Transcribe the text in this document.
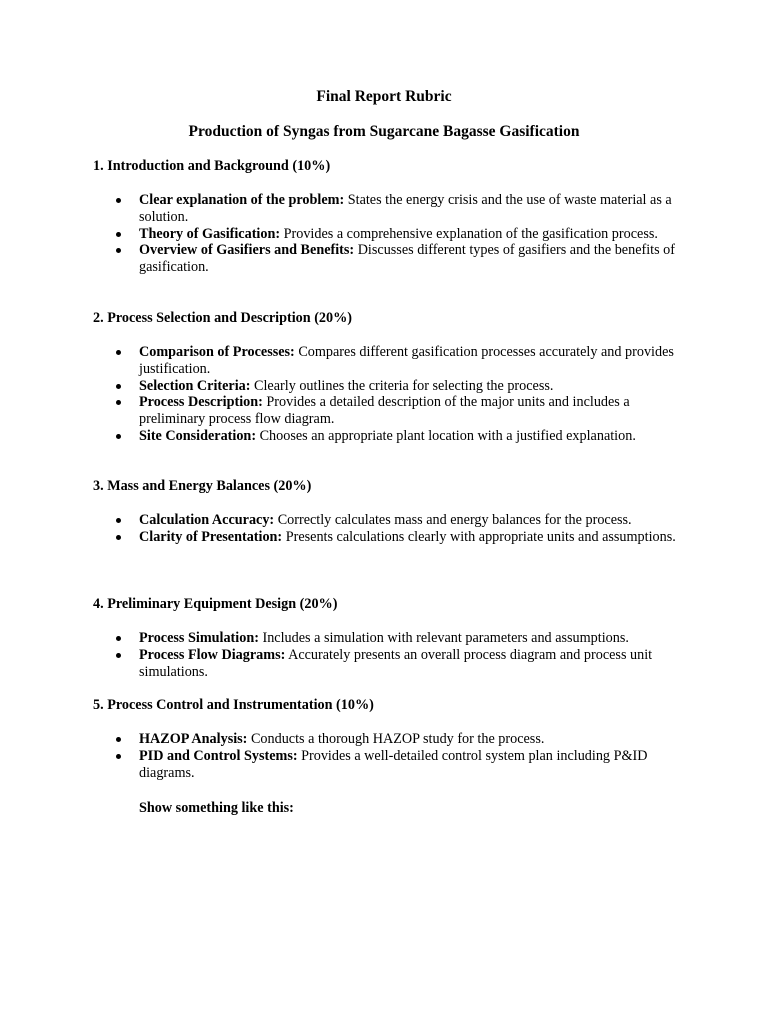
Final Report Rubric
Production of Syngas from Sugarcane Bagasse Gasification

1. Introduction and Background (10%)

Clear explanation of the problem: States the energy crisis and the use of waste material as a solution.
Theory of Gasification: Provides a comprehensive explanation of the gasification process.
Overview of Gasifiers and Benefits: Discusses different types of gasifiers and the benefits of gasification.

2. Process Selection and Description (20%)

Comparison of Processes: Compares different gasification processes accurately and provides justification.
Selection Criteria: Clearly outlines the criteria for selecting the process.
Process Description: Provides a detailed description of the major units and includes a preliminary process flow diagram.
Site Consideration: Chooses an appropriate plant location with a justified explanation.

3. Mass and Energy Balances (20%)

Calculation Accuracy: Correctly calculates mass and energy balances for the process.
Clarity of Presentation: Presents calculations clearly with appropriate units and assumptions.

4. Preliminary Equipment Design (20%)

Process Simulation: Includes a simulation with relevant parameters and assumptions.
Process Flow Diagrams: Accurately presents an overall process diagram and process unit simulations.

5. Process Control and Instrumentation (10%)

HAZOP Analysis: Conducts a thorough HAZOP study for the process.
PID and Control Systems: Provides a well-detailed control system plan including P&ID diagrams.

Show something like this:
